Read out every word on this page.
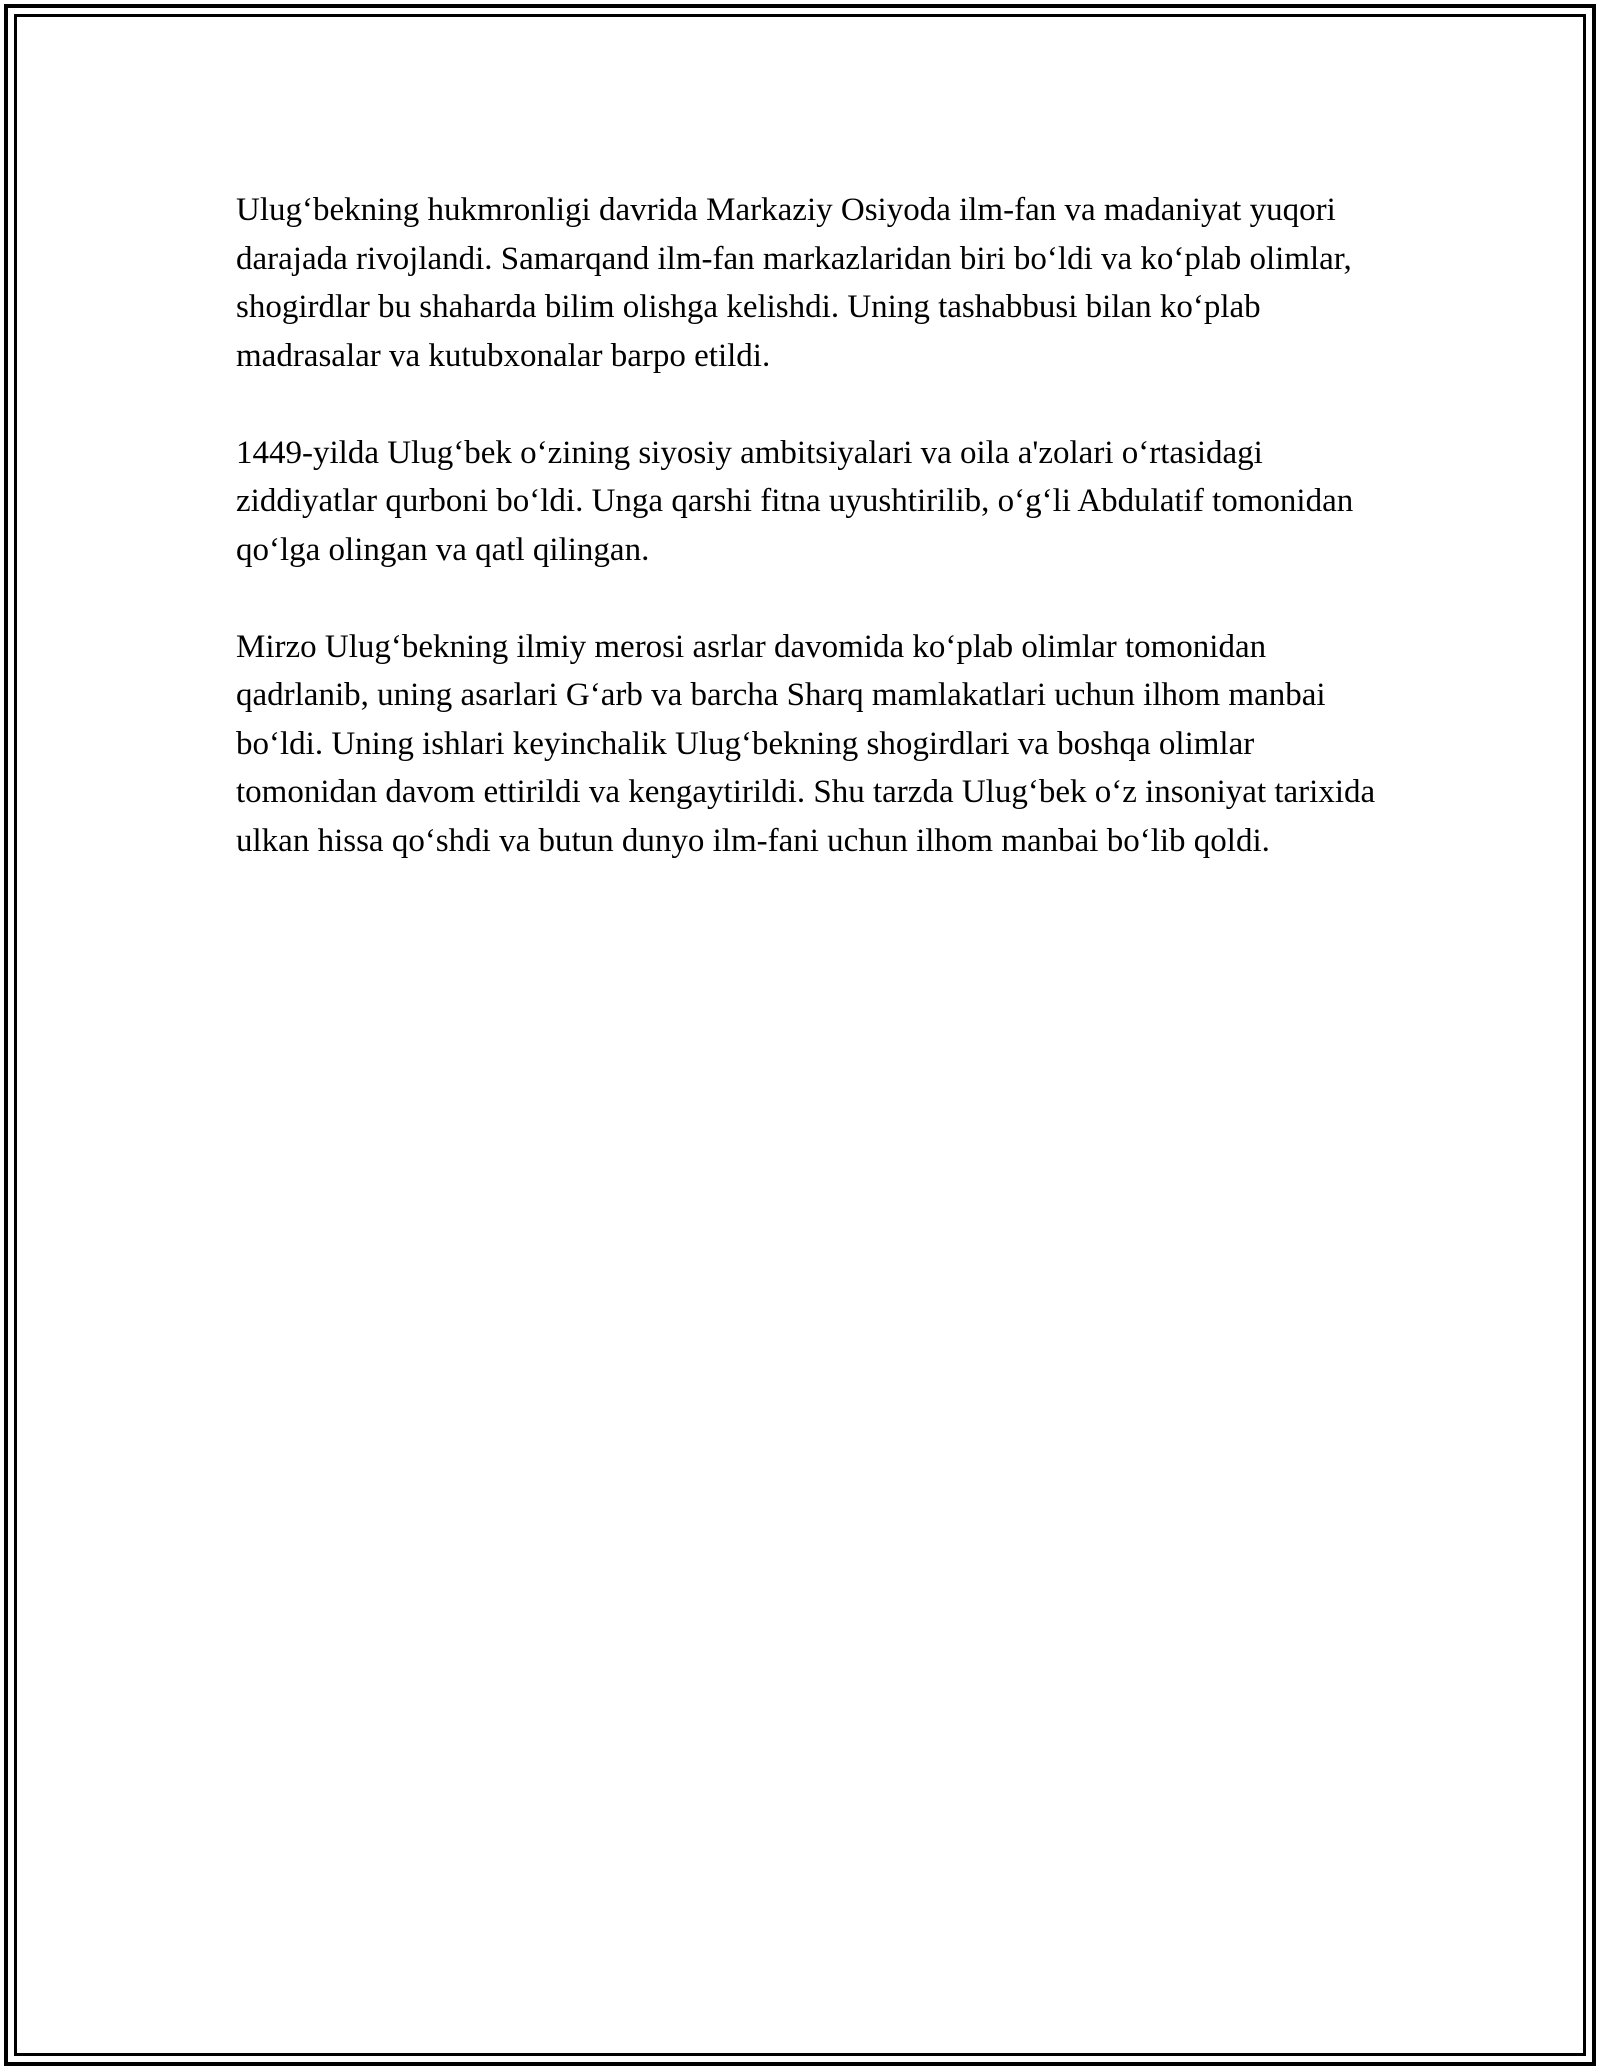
Ulug‘bekning hukmronligi davrida Markaziy Osiyoda ilm-fan va madaniyat yuqori darajada rivojlandi. Samarqand ilm-fan markazlaridan biri bo‘ldi va ko‘plab olimlar, shogirdlar bu shaharda bilim olishga kelishdi. Uning tashabbusi bilan ko‘plab madrasalar va kutubxonalar barpo etildi.

1449-yilda Ulug‘bek o‘zining siyosiy ambitsiyalari va oila a'zolari o‘rtasidagi ziddiyatlar qurboni bo‘ldi. Unga qarshi fitna uyushtirilib, o‘g‘li Abdulatif tomonidan qo‘lga olingan va qatl qilingan.

Mirzo Ulug‘bekning ilmiy merosi asrlar davomida ko‘plab olimlar tomonidan qadrlanib, uning asarlari G‘arb va barcha Sharq mamlakatlari uchun ilhom manbai bo‘ldi. Uning ishlari keyinchalik Ulug‘bekning shogirdlari va boshqa olimlar tomonidan davom ettirildi va kengaytirildi. Shu tarzda Ulug‘bek o‘z insoniyat tarixida ulkan hissa qo‘shdi va butun dunyo ilm-fani uchun ilhom manbai bo‘lib qoldi.
